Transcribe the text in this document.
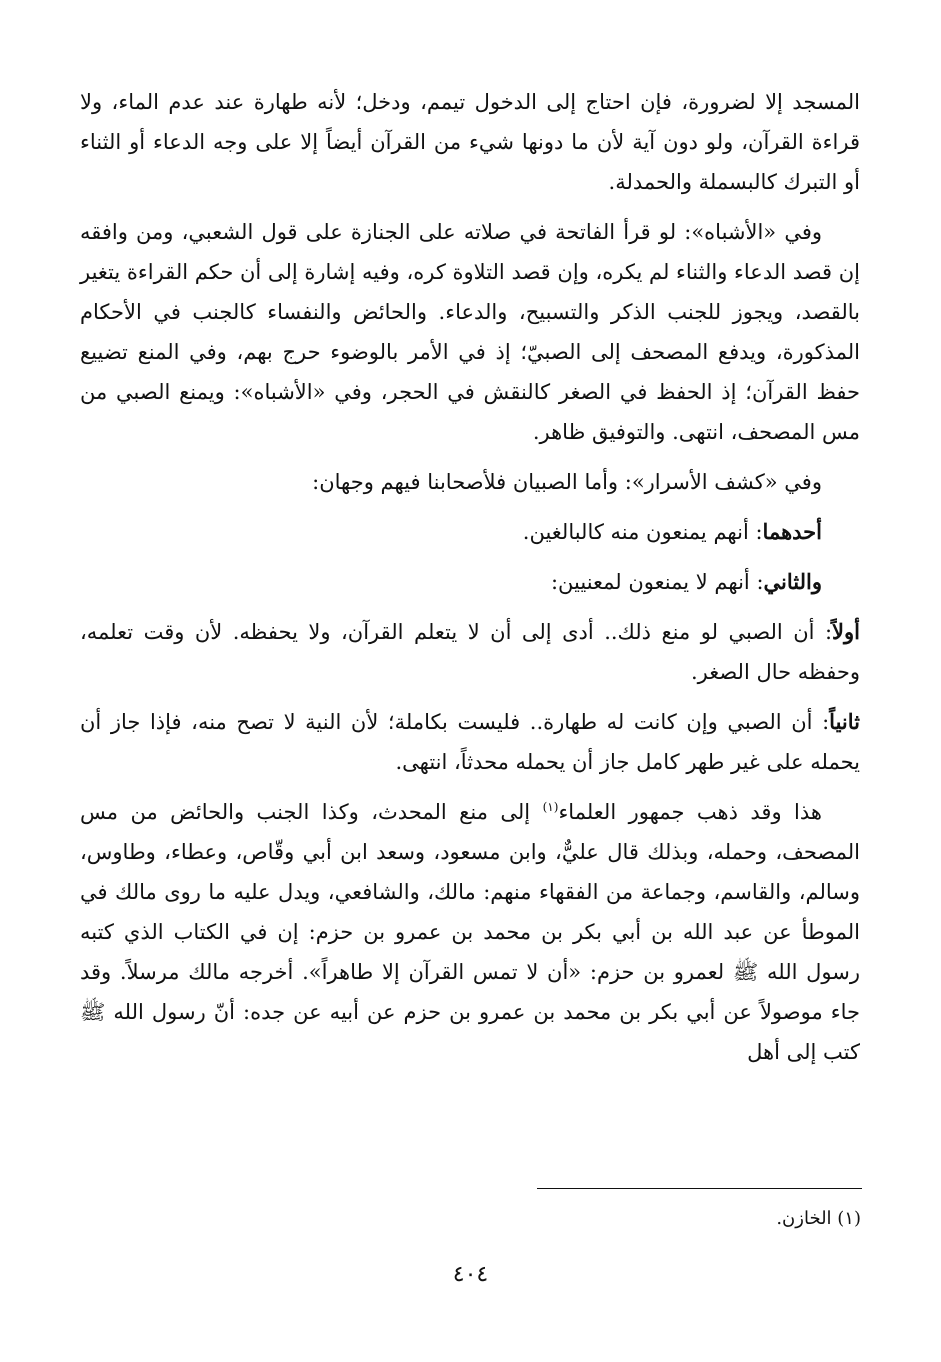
المسجد إلا لضرورة، فإن احتاج إلى الدخول تيمم، ودخل؛ لأنه طهارة عند عدم الماء، ولا قراءة القرآن، ولو دون آية لأن ما دونها شيء من القرآن أيضاً إلا على وجه الدعاء أو الثناء أو التبرك كالبسملة والحمدلة.

وفي «الأشباه»: لو قرأ الفاتحة في صلاته على الجنازة على قول الشعبي، ومن وافقه إن قصد الدعاء والثناء لم يكره، وإن قصد التلاوة كره، وفيه إشارة إلى أن حكم القراءة يتغير بالقصد، ويجوز للجنب الذكر والتسبيح، والدعاء. والحائض والنفساء كالجنب في الأحكام المذكورة، ويدفع المصحف إلى الصبيّ؛ إذ في الأمر بالوضوء حرج بهم، وفي المنع تضييع حفظ القرآن؛ إذ الحفظ في الصغر كالنقش في الحجر، وفي «الأشباه»: ويمنع الصبي من مس المصحف، انتهى. والتوفيق ظاهر.

وفي «كشف الأسرار»: وأما الصبيان فلأصحابنا فيهم وجهان:

أحدهما: أنهم يمنعون منه كالبالغين.

والثاني: أنهم لا يمنعون لمعنيين:

أولاً: أن الصبي لو منع ذلك.. أدى إلى أن لا يتعلم القرآن، ولا يحفظه. لأن وقت تعلمه، وحفظه حال الصغر.

ثانياً: أن الصبي وإن كانت له طهارة.. فليست بكاملة؛ لأن النية لا تصح منه، فإذا جاز أن يحمله على غير طهر كامل جاز أن يحمله محدثاً، انتهى.

هذا وقد ذهب جمهور العلماء$^{(١)}$ إلى منع المحدث، وكذا الجنب والحائض من مس المصحف، وحمله، وبذلك قال عليٌّ، وابن مسعود، وسعد ابن أبي وقّاص، وعطاء، وطاوس، وسالم، والقاسم، وجماعة من الفقهاء منهم: مالك، والشافعي، ويدل عليه ما روى مالك في الموطأ عن عبد الله بن أبي بكر بن محمد بن عمرو بن حزم: إن في الكتاب الذي كتبه رسول الله ﷺ لعمرو بن حزم: «أن لا تمس القرآن إلا طاهراً». أخرجه مالك مرسلاً. وقد جاء موصولاً عن أبي بكر بن محمد بن عمرو بن حزم عن أبيه عن جده: أنّ رسول الله ﷺ كتب إلى أهل

(١) الخازن.
٤٠٤
